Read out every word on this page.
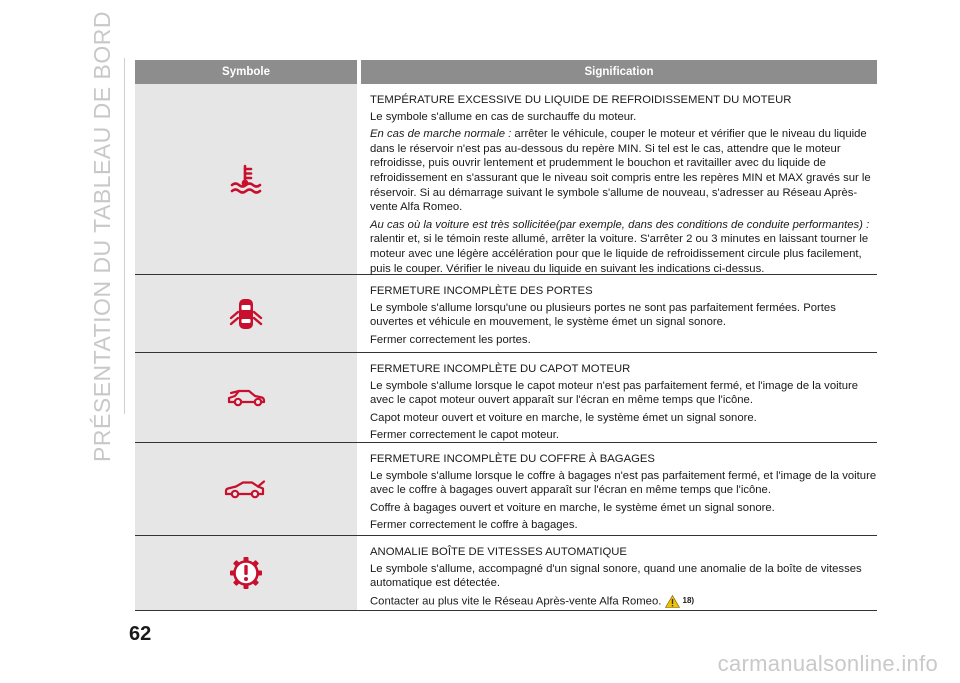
PRÉSENTATION DU TABLEAU DE BORD	Symbole	Signification

TEMPÉRATURE EXCESSIVE DU LIQUIDE DE REFROIDISSEMENT DU MOTEUR

Le symbole s'allume en cas de surchauffe du moteur.

En cas de marche normale : arrêter le véhicule, couper le moteur et vérifier que le niveau du liquide dans le réservoir n'est pas au-dessous du repère MIN. Si tel est le cas, attendre que le moteur refroidisse, puis ouvrir lentement et prudemment le bouchon et ravitailler avec du liquide de refroidissement en s'assurant que le niveau soit compris entre les repères MIN et MAX gravés sur le réservoir. Si au démarrage suivant le symbole s'allume de nouveau, s'adresser au Réseau Après-vente Alfa Romeo.

Au cas où la voiture est très sollicitée(par exemple, dans des conditions de conduite performantes) : ralentir et, si le témoin reste allumé, arrêter la voiture. S'arrêter 2 ou 3 minutes en laissant tourner le moteur avec une légère accélération pour que le liquide de refroidissement circule plus facilement, puis le couper. Vérifier le niveau du liquide en suivant les indications ci-dessus.

FERMETURE INCOMPLÈTE DES PORTES

Le symbole s'allume lorsqu'une ou plusieurs portes ne sont pas parfaitement fermées. Portes ouvertes et véhicule en mouvement, le système émet un signal sonore.

Fermer correctement les portes.

FERMETURE INCOMPLÈTE DU CAPOT MOTEUR

Le symbole s'allume lorsque le capot moteur n'est pas parfaitement fermé, et l'image de la voiture avec le capot moteur ouvert apparaît sur l'écran en même temps que l'icône.

Capot moteur ouvert et voiture en marche, le système émet un signal sonore.

Fermer correctement le capot moteur.

FERMETURE INCOMPLÈTE DU COFFRE À BAGAGES

Le symbole s'allume lorsque le coffre à bagages n'est pas parfaitement fermé, et l'image de la voiture avec le coffre à bagages ouvert apparaît sur l'écran en même temps que l'icône.

Coffre à bagages ouvert et voiture en marche, le système émet un signal sonore.

Fermer correctement le coffre à bagages.

ANOMALIE BOÎTE DE VITESSES AUTOMATIQUE

Le symbole s'allume, accompagné d'un signal sonore, quand une anomalie de la boîte de vitesses automatique est détectée.

Contacter au plus vite le Réseau Après-vente Alfa Romeo.	18)

62
carmanualsonline.info
